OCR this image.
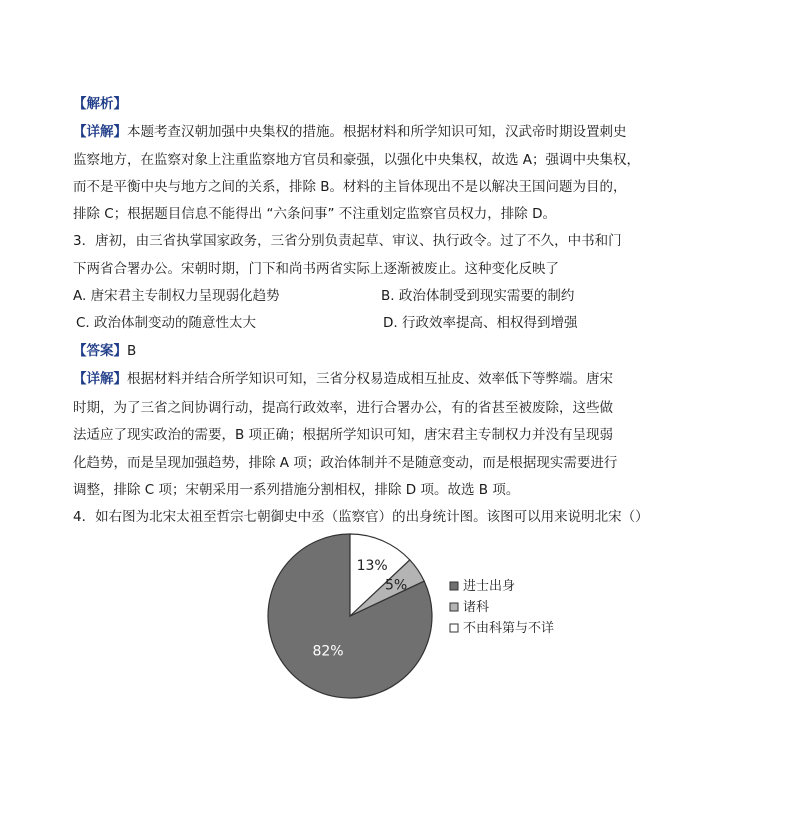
【解析】
【详解】本题考查汉朝加强中央集权的措施。根据材料和所学知识可知，汉武帝时期设置刺史
监察地方，在监察对象上注重监察地方官员和豪强，以强化中央集权，故选 A；强调中央集权，
而不是平衡中央与地方之间的关系，排除 B。材料的主旨体现出不是以解决王国问题为目的，
排除 C；根据题目信息不能得出 “六条问事” 不注重划定监察官员权力，排除 D。
3．唐初，由三省执掌国家政务，三省分别负责起草、审议、执行政令。过了不久，中书和门
下两省合署办公。宋朝时期，门下和尚书两省实际上逐渐被废止。这种变化反映了
A. 唐宋君主专制权力呈现弱化趋势	B. 政治体制受到现实需要的制约
C. 政治体制变动的随意性太大	D. 行政效率提高、相权得到增强
【答案】B
【详解】根据材料并结合所学知识可知，三省分权易造成相互扯皮、效率低下等弊端。唐宋
时期，为了三省之间协调行动，提高行政效率，进行合署办公，有的省甚至被废除，这些做
法适应了现实政治的需要，B 项正确；根据所学知识可知，唐宋君主专制权力并没有呈现弱
化趋势，而是呈现加强趋势，排除 A 项；政治体制并不是随意变动，而是根据现实需要进行
调整，排除 C 项；宋朝采用一系列措施分割相权，排除 D 项。故选 B 项。
4．如右图为北宋太祖至哲宗七朝御史中丞（监察官）的出身统计图。该图可以用来说明北宋（）
82%
5%
13%
进士出身
诸科
不由科第与不详
